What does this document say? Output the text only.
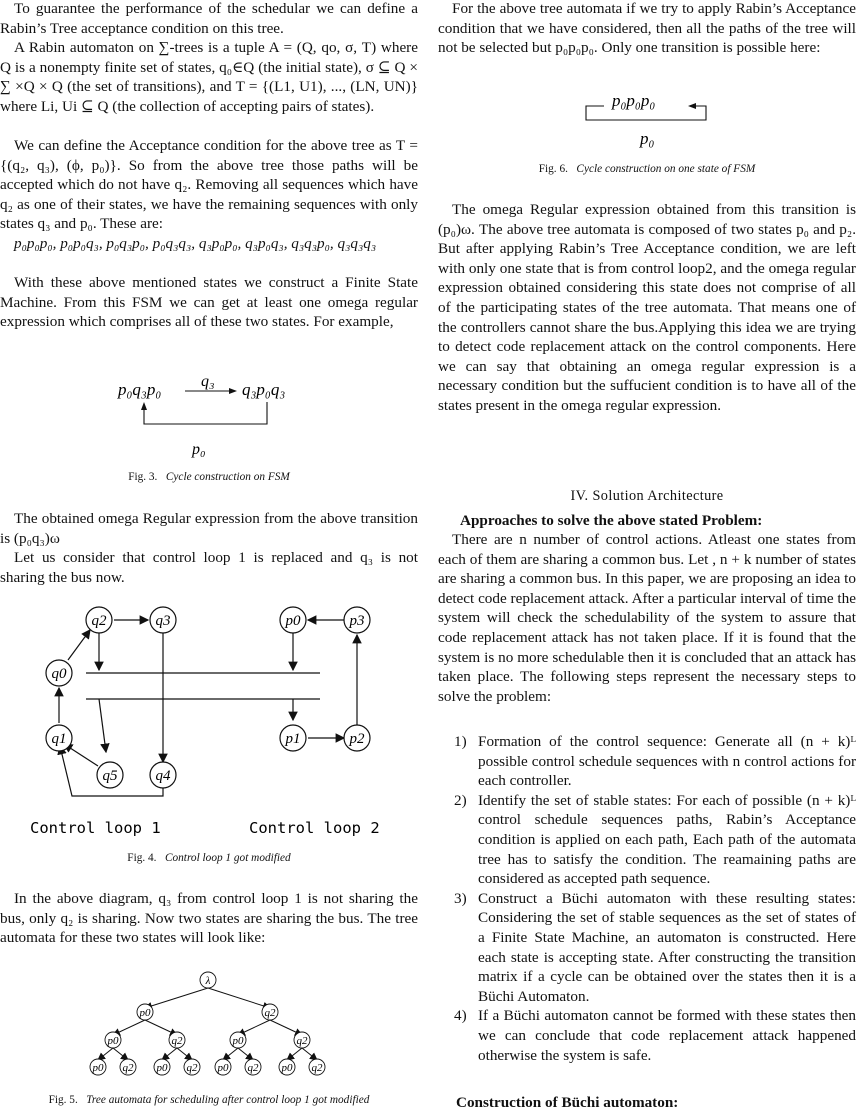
To guarantee the performance of the schedular we can define a Rabin’s Tree acceptance condition on this tree.

A Rabin automaton on ∑-trees is a tuple A = (Q, qo, σ, T) where Q is a nonempty finite set of states, q₀∈Q (the initial state), σ ⊆ Q × ∑ ×Q × Q (the set of transitions), and T = {(L1, U1), ..., (LN, UN)} where Li, Ui ⊆ Q (the collection of accepting pairs of states).

We can define the Acceptance condition for the above tree as T = {(q₂, q₃), (ϕ, p₀)}. So from the above tree those paths will be accepted which do not have q₂. Removing all sequences which have q₂ as one of their states, we have the remaining sequences with only states q₃ and p₀. These are:

p₀p₀p₀, p₀p₀q₃, p₀q₃p₀, p₀q₃q₃, q₃p₀p₀, q₃p₀q₃, q₃q₃p₀, q₃q₃q₃

With these above mentioned states we construct a Finite State Machine. From this FSM we can get at least one omega regular expression which comprises all of these two states. For example,

p₀q₃p₀ q₃ q₃p₀q₃
p₀
Fig. 3. Cycle construction on FSM

The obtained omega Regular expression from the above transition is (p₀q₃)ω

Let us consider that control loop 1 is replaced and q₃ is not sharing the bus now.

q2	q3
q0
q1
q5	q4
p0	p3
p1	p2
Control loop 1	Control loop 2
Fig. 4. Control loop 1 got modified

In the above diagram, q₃ from control loop 1 is not sharing the bus, only q₂ is sharing. Now two states are sharing the bus. The tree automata for these two states will look like:

λ
p0	q2
p0	q2	p0	q2
p0 q2 p0 q2 p0 q2 p0 q2
Fig. 5. Tree automata for scheduling after control loop 1 got modified

For the above tree automata if we try to apply Rabin’s Acceptance condition that we have considered, then all the paths of the tree will not be selected but p₀p₀p₀. Only one transition is possible here:

p₀p₀p₀
p₀
Fig. 6. Cycle construction on one state of FSM

The omega Regular expression obtained from this transition is (p₀)ω. The above tree automata is composed of two states p₀ and p₂. But after applying Rabin’s Tree Acceptance condition, we are left with only one state that is from control loop2, and the omega regular expression obtained considering this state does not comprise of all of the participating states of the tree automata. That means one of the controllers cannot share the bus.Applying this idea we are trying to detect code replacement attack on the control components. Here we can say that obtaining an omega regular expression is a necessary condition but the suffucient condition is to have all of the states present in the omega regular expression.

IV. Solution Architecture
Approaches to solve the above stated Problem:

There are n number of control actions. Atleast one states from each of them are sharing a common bus. Let , n + k number of states are sharing a common bus. In this paper, we are proposing an idea to detect code replacement attack. After a particular interval of time the system will check the schedulability of the system to assure that code replacement attack has not taken place. If it is found that the system is no more schedulable then it is concluded that an attack has taken place. The following steps represent the necessary steps to solve the problem:

1) Formation of the control sequence: Generate all (n + k)ᴸ possible control schedule sequences with n control actions for each controller.
2) Identify the set of stable states: For each of possible (n + k)ᴸ control schedule sequences paths, Rabin’s Acceptance condition is applied on each path, Each path of the automata tree has to satisfy the condition. The reamaining paths are considered as accepted path sequence.
3) Construct a Büchi automaton with these resulting states: Considering the set of stable sequences as the set of states of a Finite State Machine, an automaton is constructed. Here each state is accepting state. After constructing the transition matrix if a cycle can be obtained over the states then it is a Büchi Automaton.
4) If a Büchi automaton cannot be formed with these states then we can conclude that code replacement attack happened otherwise the system is safe.
Construction of Büchi automaton:
